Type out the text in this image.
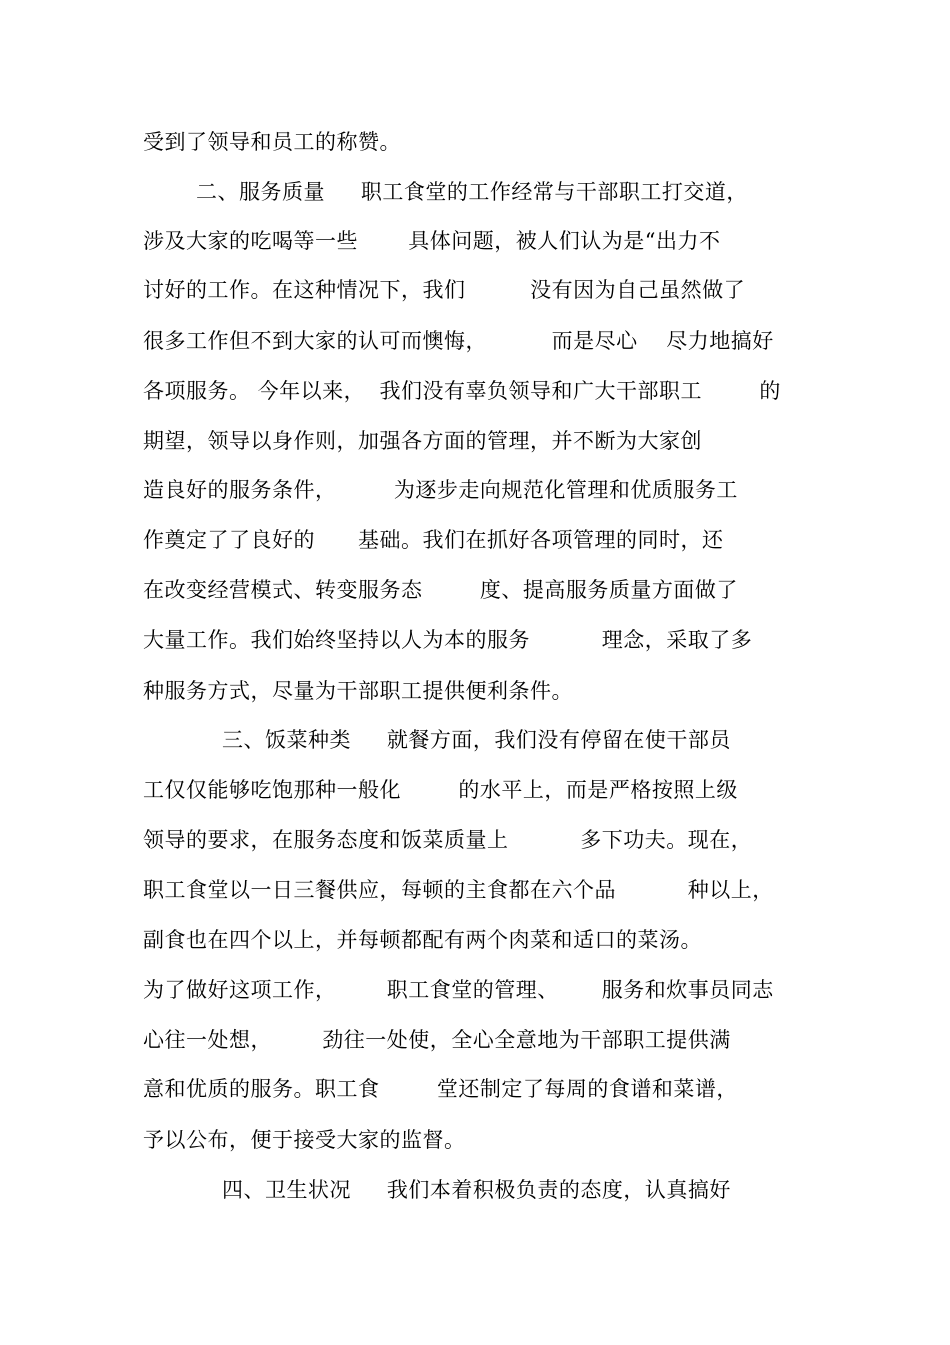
受到了领导和员工的称赞。
二、服务质量     职工食堂的工作经常与干部职工打交道，
涉及大家的吃喝等一些       具体问题，被人们认为是“出力不
讨好的工作。在这种情况下，我们         没有因为自己虽然做了
很多工作但不到大家的认可而懊悔，         而是尽心    尽力地搞好
各项服务。 今年以来，  我们没有辜负领导和广大干部职工        的
期望，领导以身作则，加强各方面的管理，并不断为大家创
造良好的服务条件，        为逐步走向规范化管理和优质服务工
作奠定了了良好的      基础。我们在抓好各项管理的同时，还
在改变经营模式、转变服务态        度、提高服务质量方面做了
大量工作。我们始终坚持以人为本的服务          理念，采取了多
种服务方式，尽量为干部职工提供便利条件。
三、饭菜种类     就餐方面，我们没有停留在使干部员
工仅仅能够吃饱那种一般化        的水平上，而是严格按照上级
领导的要求，在服务态度和饭菜质量上          多下功夫。现在，
职工食堂以一日三餐供应，每顿的主食都在六个品          种以上，
副食也在四个以上，并每顿都配有两个肉菜和适口的菜汤。
为了做好这项工作，       职工食堂的管理、      服务和炊事员同志
心往一处想，       劲往一处使，全心全意地为干部职工提供满
意和优质的服务。职工食        堂还制定了每周的食谱和菜谱，
予以公布，便于接受大家的监督。
四、卫生状况     我们本着积极负责的态度，认真搞好
